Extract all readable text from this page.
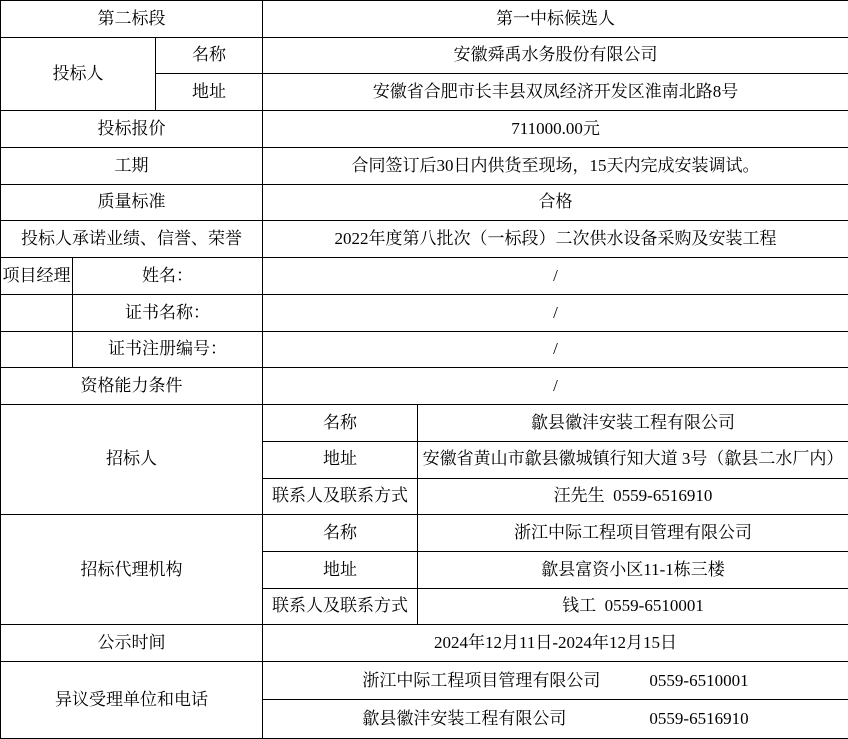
第二标段			第一中标候选人	
投标人		名称	安徽舜禹水务股份有限公司	
		地址	安徽省合肥市长丰县双凤经济开发区淮南北路8号	
投标报价			711000.00元	
工期			合同签订后30日内供货至现场，15天内完成安装调试。	
质量标准			合格	
投标人承诺业绩、信誉、荣誉			2022年度第八批次（一标段）二次供水设备采购及安装工程	
项目经理	姓名：		/	
	证书名称：		/	
	证书注册编号：		/	
资格能力条件			/	
招标人			名称	歙县徽沣安装工程有限公司
			地址	安徽省黄山市歙县徽城镇行知大道 3号（歙县二水厂内）
			联系人及联系方式	汪先生  0559-6516910
招标代理机构			名称	浙江中际工程项目管理有限公司
			地址	歙县富资小区11-1栋三楼
			联系人及联系方式	钱工  0559-6510001
公示时间			2024年12月11日-2024年12月15日	
异议受理单位和电话			浙江中际工程项目管理有限公司 0559-6510001	
			歙县徽沣安装工程有限公司 0559-6516910	
